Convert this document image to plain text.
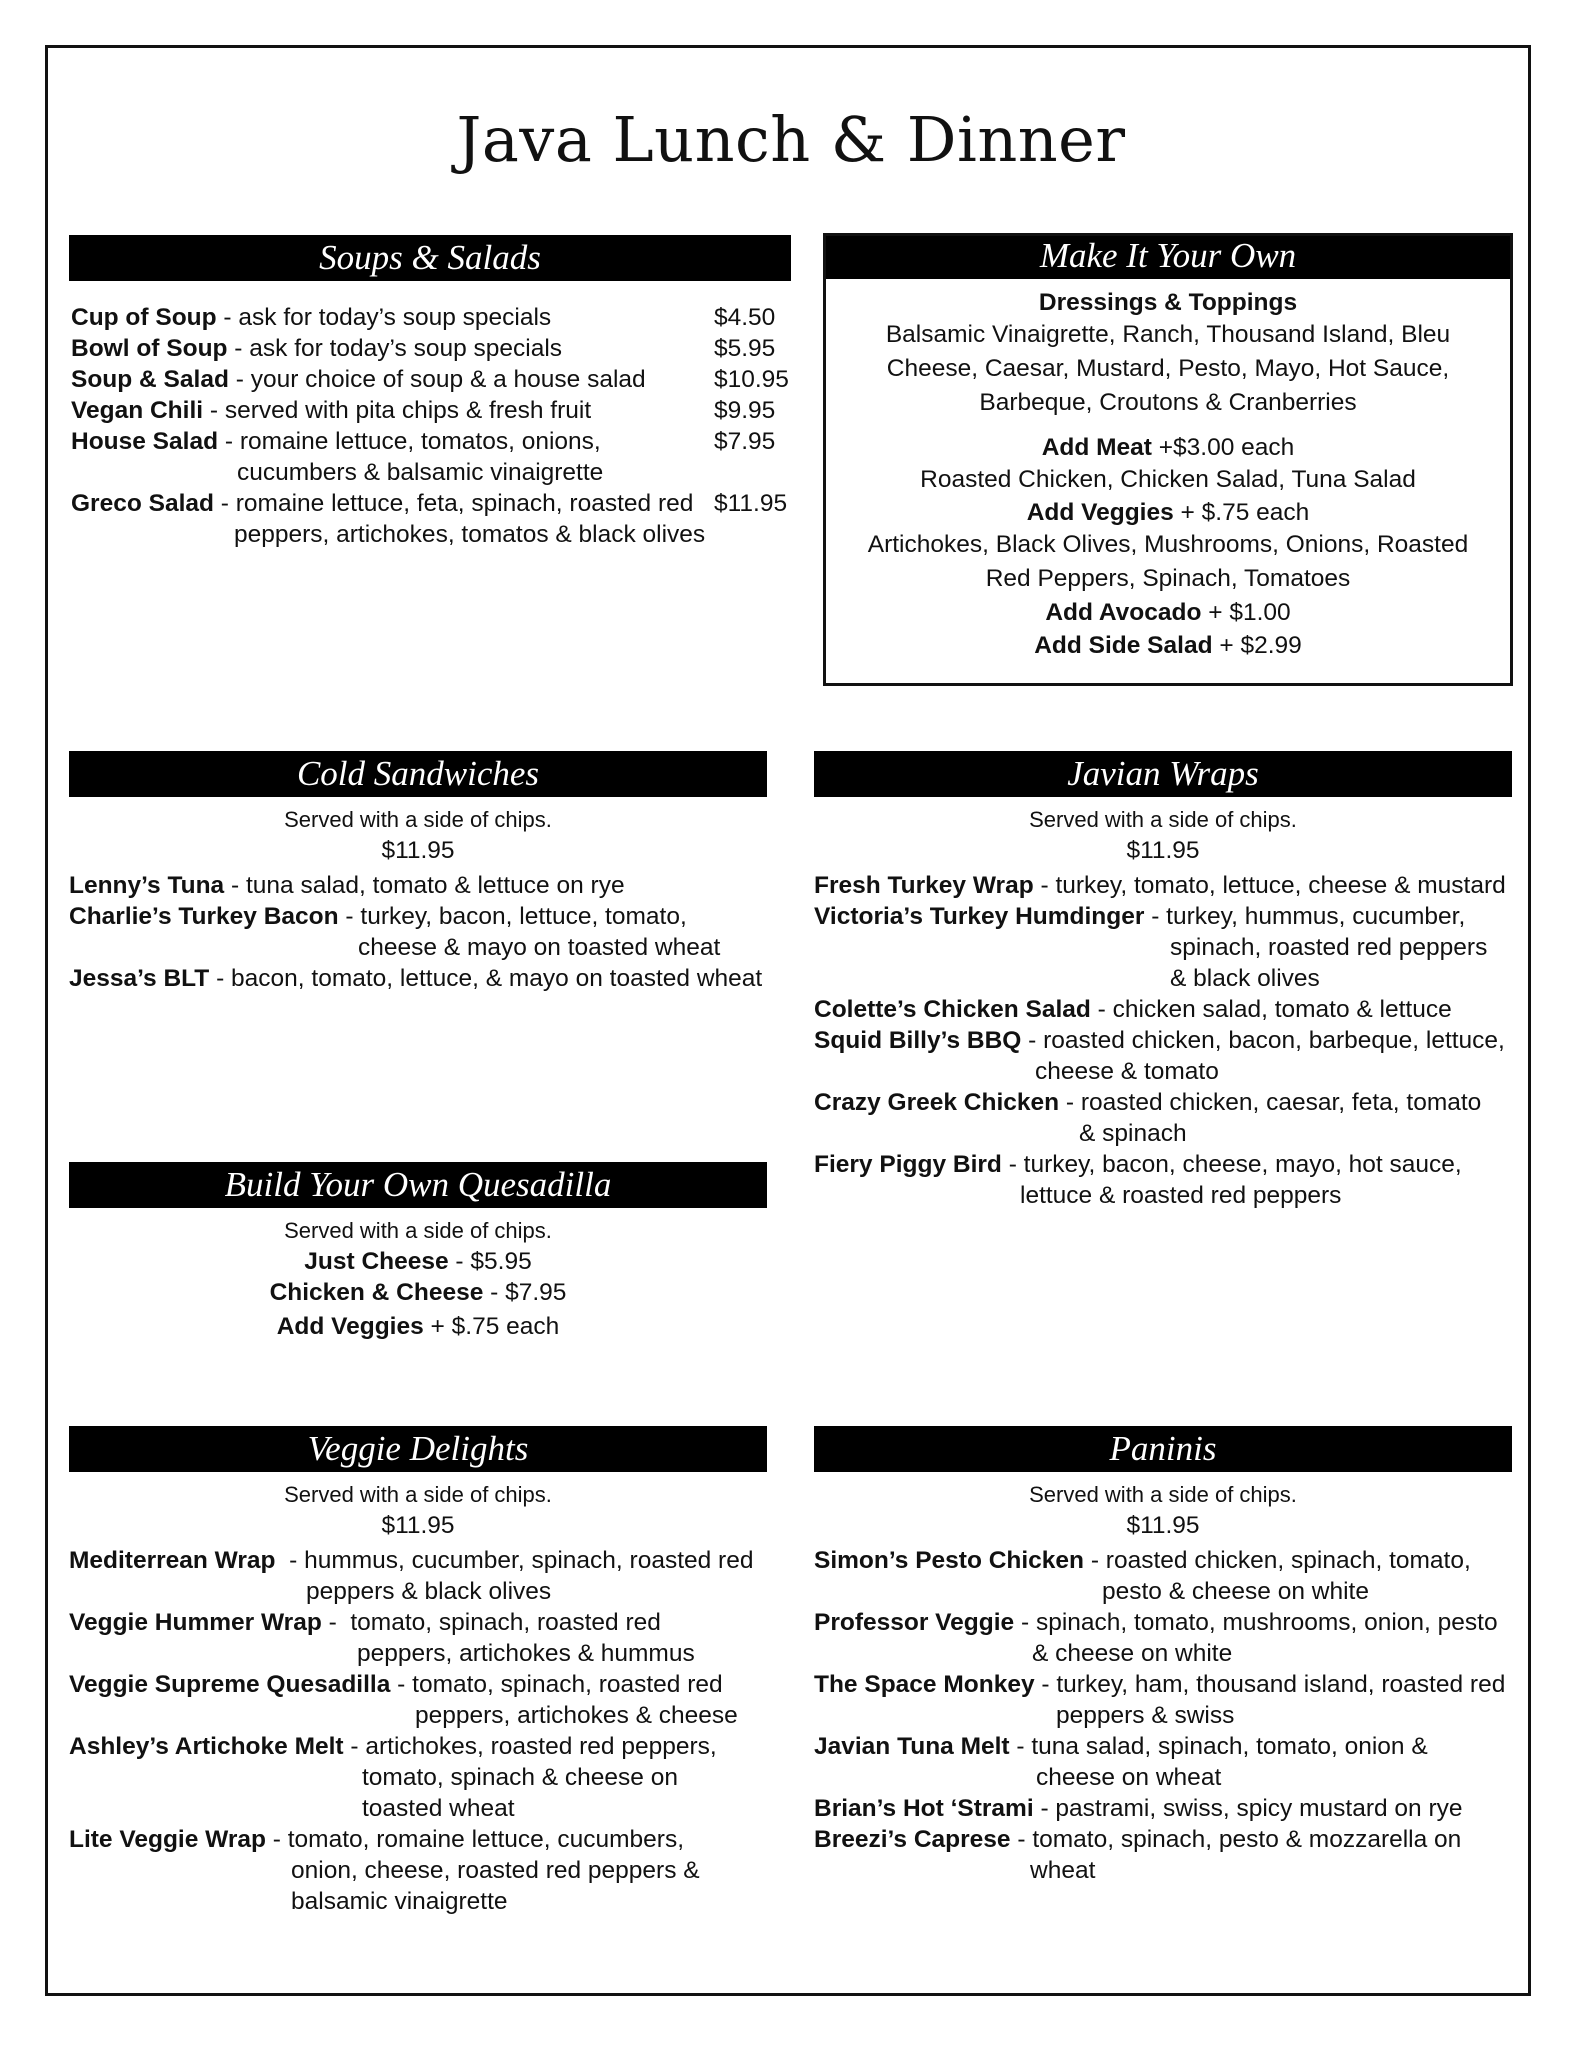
Java Lunch & Dinner
Soups & Salads
Cup of Soup - ask for today’s soup specials	$4.50
Bowl of Soup - ask for today’s soup specials	$5.95
Soup & Salad - your choice of soup & a house salad	$10.95
Vegan Chili - served with pita chips & fresh fruit	$9.95
House Salad - romaine lettuce, tomatos, onions,	$7.95
cucumbers & balsamic vinaigrette
Greco Salad - romaine lettuce, feta, spinach, roasted red $11.95
peppers, artichokes, tomatos & black olives
Make It Your Own
Dressings & Toppings
Balsamic Vinaigrette, Ranch, Thousand Island, Bleu
Cheese, Caesar, Mustard, Pesto, Mayo, Hot Sauce,
Barbeque, Croutons & Cranberries
Add Meat +$3.00 each
Roasted Chicken, Chicken Salad, Tuna Salad
Add Veggies + $.75 each
Artichokes, Black Olives, Mushrooms, Onions, Roasted
Red Peppers, Spinach, Tomatoes
Add Avocado + $1.00
Add Side Salad + $2.99
Cold Sandwiches
Served with a side of chips.
$11.95
Lenny’s Tuna - tuna salad, tomato & lettuce on rye
Charlie’s Turkey Bacon - turkey, bacon, lettuce, tomato,
cheese & mayo on toasted wheat
Jessa’s BLT - bacon, tomato, lettuce, & mayo on toasted wheat
Javian Wraps
Served with a side of chips.
$11.95
Fresh Turkey Wrap - turkey, tomato, lettuce, cheese & mustard
Victoria’s Turkey Humdinger - turkey, hummus, cucumber,
spinach, roasted red peppers
& black olives
Colette’s Chicken Salad - chicken salad, tomato & lettuce
Squid Billy’s BBQ - roasted chicken, bacon, barbeque, lettuce,
cheese & tomato
Crazy Greek Chicken - roasted chicken, caesar, feta, tomato
& spinach
Fiery Piggy Bird - turkey, bacon, cheese, mayo, hot sauce,
lettuce & roasted red peppers
Build Your Own Quesadilla
Served with a side of chips.
Just Cheese - $5.95
Chicken & Cheese - $7.95
Add Veggies + $.75 each
Veggie Delights
Served with a side of chips.
$11.95
Mediterrean Wrap  - hummus, cucumber, spinach, roasted red
peppers & black olives
Veggie Hummer Wrap -  tomato, spinach, roasted red
peppers, artichokes & hummus
Veggie Supreme Quesadilla - tomato, spinach, roasted red
peppers, artichokes & cheese
Ashley’s Artichoke Melt - artichokes, roasted red peppers,
tomato, spinach & cheese on
toasted wheat
Lite Veggie Wrap - tomato, romaine lettuce, cucumbers,
onion, cheese, roasted red peppers &
balsamic vinaigrette
Paninis
Served with a side of chips.
$11.95
Simon’s Pesto Chicken - roasted chicken, spinach, tomato,
pesto & cheese on white
Professor Veggie - spinach, tomato, mushrooms, onion, pesto
& cheese on white
The Space Monkey - turkey, ham, thousand island, roasted red
peppers & swiss
Javian Tuna Melt - tuna salad, spinach, tomato, onion &
cheese on wheat
Brian’s Hot ‘Strami - pastrami, swiss, spicy mustard on rye
Breezi’s Caprese - tomato, spinach, pesto & mozzarella on
wheat
